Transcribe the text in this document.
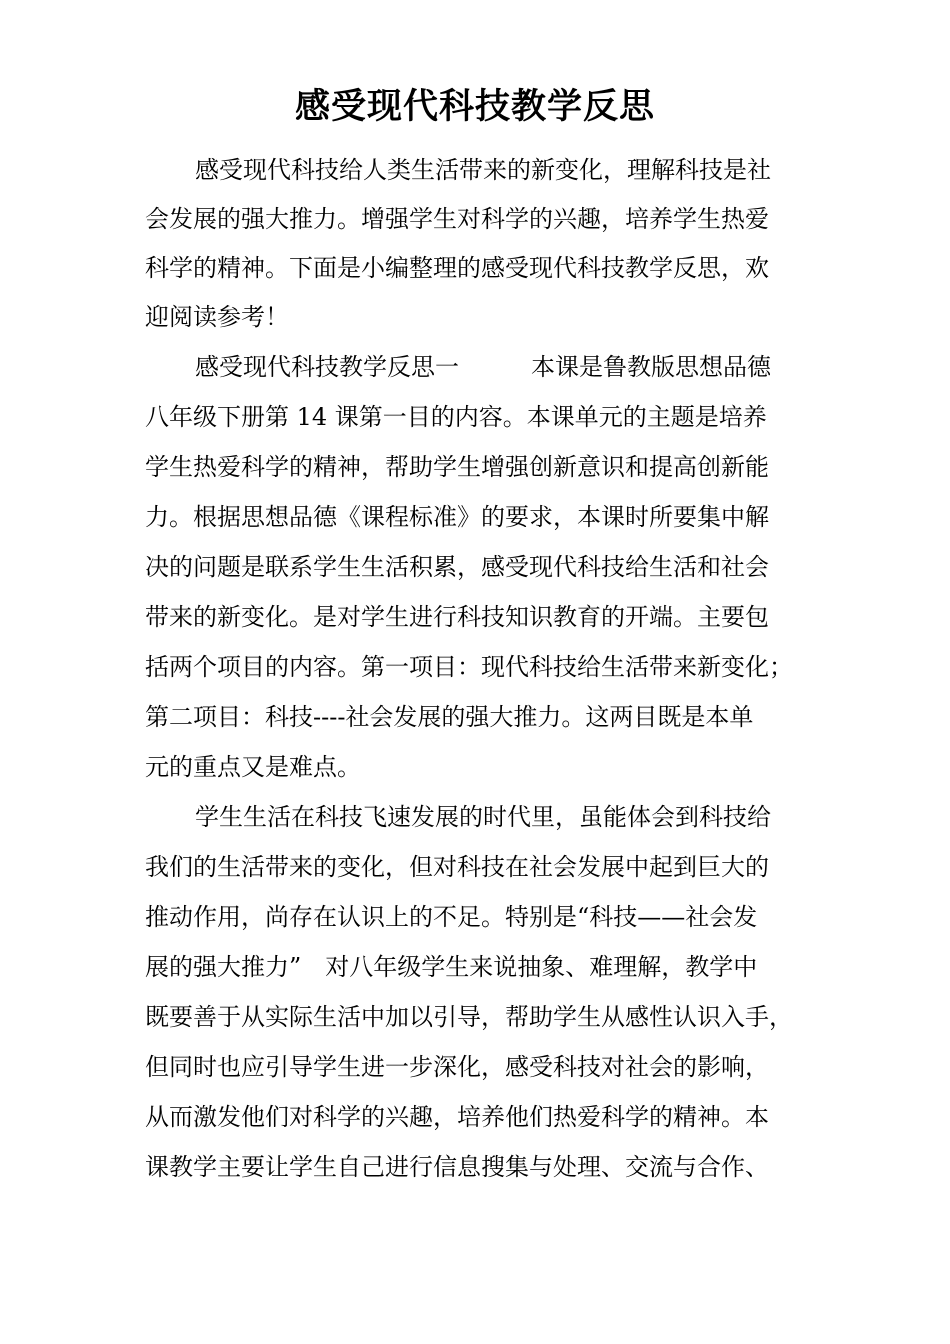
感受现代科技教学反思
感受现代科技给人类生活带来的新变化，理解科技是社
会发展的强大推力。增强学生对科学的兴趣，培养学生热爱
科学的精神。下面是小编整理的感受现代科技教学反思，欢
迎阅读参考！
感受现代科技教学反思一　　　本课是鲁教版思想品德
八年级下册第 14 课第一目的内容。本课单元的主题是培养
学生热爱科学的精神，帮助学生增强创新意识和提高创新能
力。根据思想品德《课程标准》的要求，本课时所要集中解
决的问题是联系学生生活积累，感受现代科技给生活和社会
带来的新变化。是对学生进行科技知识教育的开端。主要包
括两个项目的内容。第一项目：现代科技给生活带来新变化；
第二项目：科技----社会发展的强大推力。这两目既是本单
元的重点又是难点。
学生生活在科技飞速发展的时代里，虽能体会到科技给
我们的生活带来的变化，但对科技在社会发展中起到巨大的
推动作用，尚存在认识上的不足。特别是“科技——社会发
展的强大推力”　对八年级学生来说抽象、难理解，教学中
既要善于从实际生活中加以引导，帮助学生从感性认识入手，
但同时也应引导学生进一步深化，感受科技对社会的影响，
从而激发他们对科学的兴趣，培养他们热爱科学的精神。本
课教学主要让学生自己进行信息搜集与处理、交流与合作、
